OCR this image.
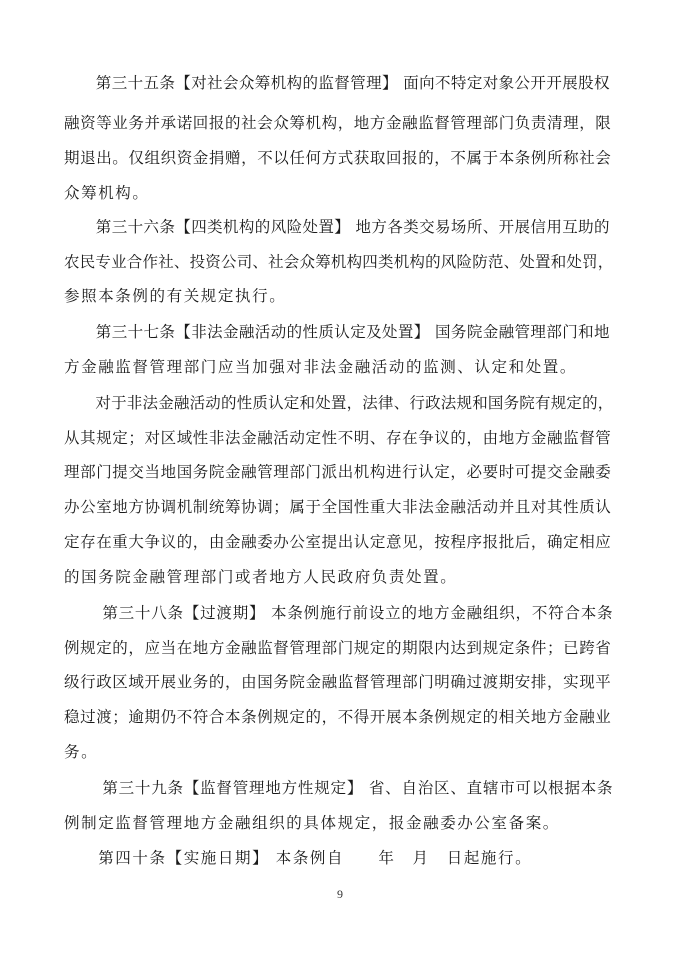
　　第三十五条【对社会众筹机构的监督管理】 面向不特定对象公开开展股权
融资等业务并承诺回报的社会众筹机构，地方金融监督管理部门负责清理，限
期退出。仅组织资金捐赠，不以任何方式获取回报的，不属于本条例所称社会
众筹机构。
　　第三十六条【四类机构的风险处置】 地方各类交易场所、开展信用互助的
农民专业合作社、投资公司、社会众筹机构四类机构的风险防范、处置和处罚，
参照本条例的有关规定执行。
　　第三十七条【非法金融活动的性质认定及处置】 国务院金融管理部门和地
方金融监督管理部门应当加强对非法金融活动的监测、认定和处置。
　　对于非法金融活动的性质认定和处置，法律、行政法规和国务院有规定的，
从其规定；对区域性非法金融活动定性不明、存在争议的，由地方金融监督管
理部门提交当地国务院金融管理部门派出机构进行认定，必要时可提交金融委
办公室地方协调机制统筹协调；属于全国性重大非法金融活动并且对其性质认
定存在重大争议的，由金融委办公室提出认定意见，按程序报批后，确定相应
的国务院金融管理部门或者地方人民政府负责处置。
　　 第三十八条【过渡期】 本条例施行前设立的地方金融组织，不符合本条
例规定的，应当在地方金融监督管理部门规定的期限内达到规定条件；已跨省
级行政区域开展业务的，由国务院金融监督管理部门明确过渡期安排，实现平
稳过渡；逾期仍不符合本条例规定的，不得开展本条例规定的相关地方金融业
务。
　　 第三十九条【监督管理地方性规定】 省、自治区、直辖市可以根据本条
例制定监督管理地方金融组织的具体规定，报金融委办公室备案。
　　第四十条【实施日期】 本条例自　　年　月　日起施行。
9
